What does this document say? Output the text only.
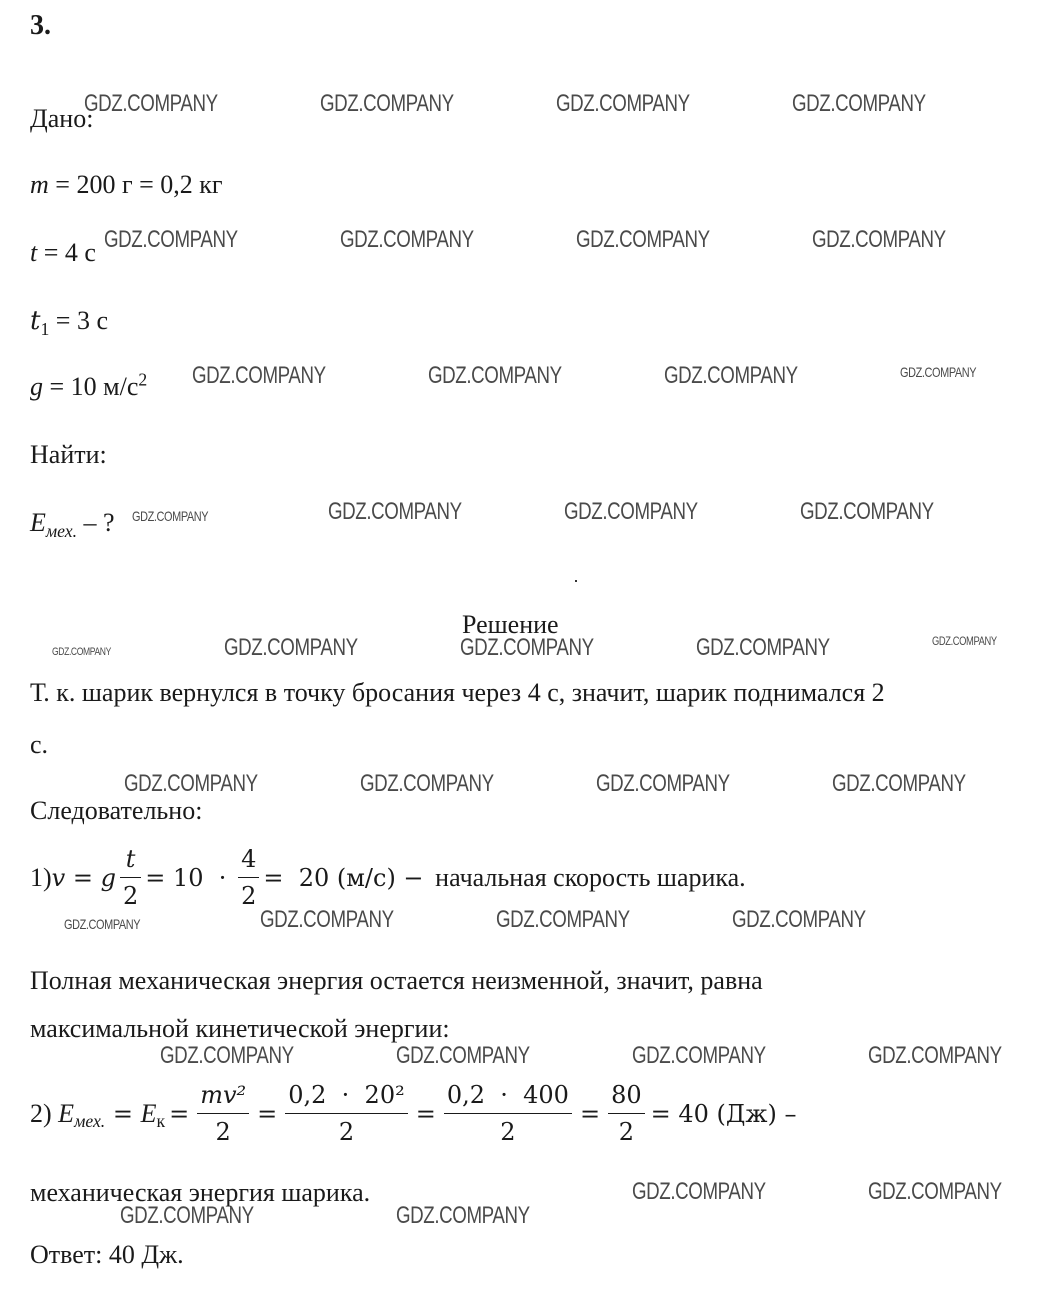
3.
Дано:
m = 200 г = 0,2 кг
t = 4 с
$t_1 = 3$ с
g = 10 $м/с^2$
Найти:
$E_{мех.}$ – ?
Решение
Т. к. шарик вернулся в точку бросания через 4 с, значит, шарик поднимался 2
с.
Следовательно:
1) v = g $\frac{t}{2} = 10 \cdot \frac{4}{2} = 20$ (м/с) − начальная скорость шарика.
Полная механическая энергия остается неизменной, значит, равна
максимальной кинетической энергии:
2) E мех. = E $к = \frac{\text{mv²}}{2} = \frac{\text{0,2  ·  20²}}{2} = \frac{0,2 \cdot 400}{2} = \frac{80}{2} = 40$ (Дж) –
механическая энергия шарика.
Ответ: 40 Дж.
GDZ.COMPANY	GDZ.COMPANY	GDZ.COMPANY	GDZ.COMPANY
GDZ.COMPANY	GDZ.COMPANY	GDZ.COMPANY	GDZ.COMPANY
GDZ.COMPANY	GDZ.COMPANY	GDZ.COMPANY	GDZ.COMPANY
GDZ.COMPANY	GDZ.COMPANY	GDZ.COMPANY	GDZ.COMPANY
GDZ.COMPANY	GDZ.COMPANY	GDZ.COMPANY	GDZ.COMPANY	GDZ.COMPANY
GDZ.COMPANY	GDZ.COMPANY	GDZ.COMPANY	GDZ.COMPANY
GDZ.COMPANY	GDZ.COMPANY	GDZ.COMPANY	GDZ.COMPANY
GDZ.COMPANY	GDZ.COMPANY	GDZ.COMPANY	GDZ.COMPANY
GDZ.COMPANY	GDZ.COMPANY
GDZ.COMPANY	GDZ.COMPANY
